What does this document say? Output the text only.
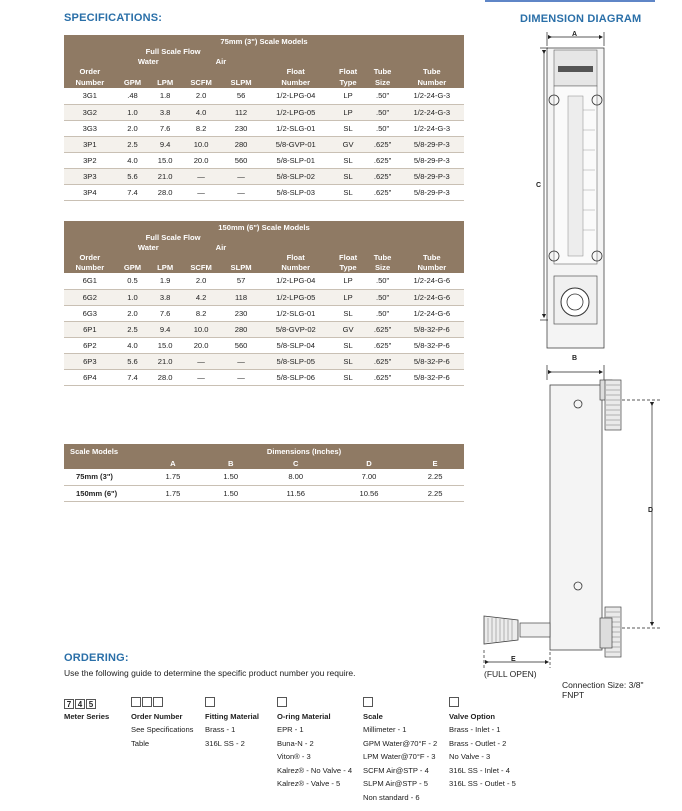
SPECIFICATIONS:	DIMENSION DIAGRAM
75mm (3") Scale Models								
	Full Scale Flow							
	Water		Air					
Order					Float	Float	Tube	Tube
Number	GPM	LPM	SCFM	SLPM	Number	Type	Size	Number
3G1	.48	1.8	2.0	56	1/2-LPG-04	LP	.50"	1/2-24-G-3
3G2	1.0	3.8	4.0	112	1/2-LPG-05	LP	.50"	1/2-24-G-3
3G3	2.0	7.6	8.2	230	1/2-SLG-01	SL	.50"	1/2-24-G-3
3P1	2.5	9.4	10.0	280	5/8-GVP-01	GV	.625"	5/8-29-P-3
3P2	4.0	15.0	20.0	560	5/8-SLP-01	SL	.625"	5/8-29-P-3
3P3	5.6	21.0	—	—	5/8-SLP-02	SL	.625"	5/8-29-P-3
3P4	7.4	28.0	—	—	5/8-SLP-03	SL	.625"	5/8-29-P-3
150mm (6") Scale Models								
	Full Scale Flow							
	Water		Air					
Order					Float	Float	Tube	Tube
Number	GPM	LPM	SCFM	SLPM	Number	Type	Size	Number
6G1	0.5	1.9	2.0	57	1/2-LPG-04	LP	.50"	1/2-24-G-6
6G2	1.0	3.8	4.2	118	1/2-LPG-05	LP	.50"	1/2-24-G-6
6G3	2.0	7.6	8.2	230	1/2-SLG-01	SL	.50"	1/2-24-G-6
6P1	2.5	9.4	10.0	280	5/8-GVP-02	GV	.625"	5/8-32-P-6
6P2	4.0	15.0	20.0	560	5/8-SLP-04	SL	.625"	5/8-32-P-6
6P3	5.6	21.0	—	—	5/8-SLP-05	SL	.625"	5/8-32-P-6
6P4	7.4	28.0	—	—	5/8-SLP-06	SL	.625"	5/8-32-P-6
Scale Models	Dimensions (Inches)				
	A	B	C	D	E
75mm (3")	1.75	1.50	8.00	7.00	2.25
150mm (6")	1.75	1.50	11.56	10.56	2.25
ORDERING:
Use the following guide to determine the specific product number you require.
7 4 5
Meter Series	Order Number
See Specifications
Table
Fitting Material
Brass - 1
316L SS - 2
O-ring Material
EPR - 1
Buna-N - 2
Viton® - 3
Kalrez® - No Valve - 4
Kalrez® - Valve - 5
Scale
Millimeter - 1
GPM Water@70°F - 2
LPM Water@70°F - 3
SCFM Air@STP - 4
SLPM Air@STP - 5
Non standard - 6
Valve Option
Brass - Inlet - 1
Brass - Outlet - 2
No Valve - 3
316L SS - Inlet - 4
316L SS - Outlet - 5
A
C
B
D
E
(FULL OPEN)
Connection Size: 3/8"
FNPT
